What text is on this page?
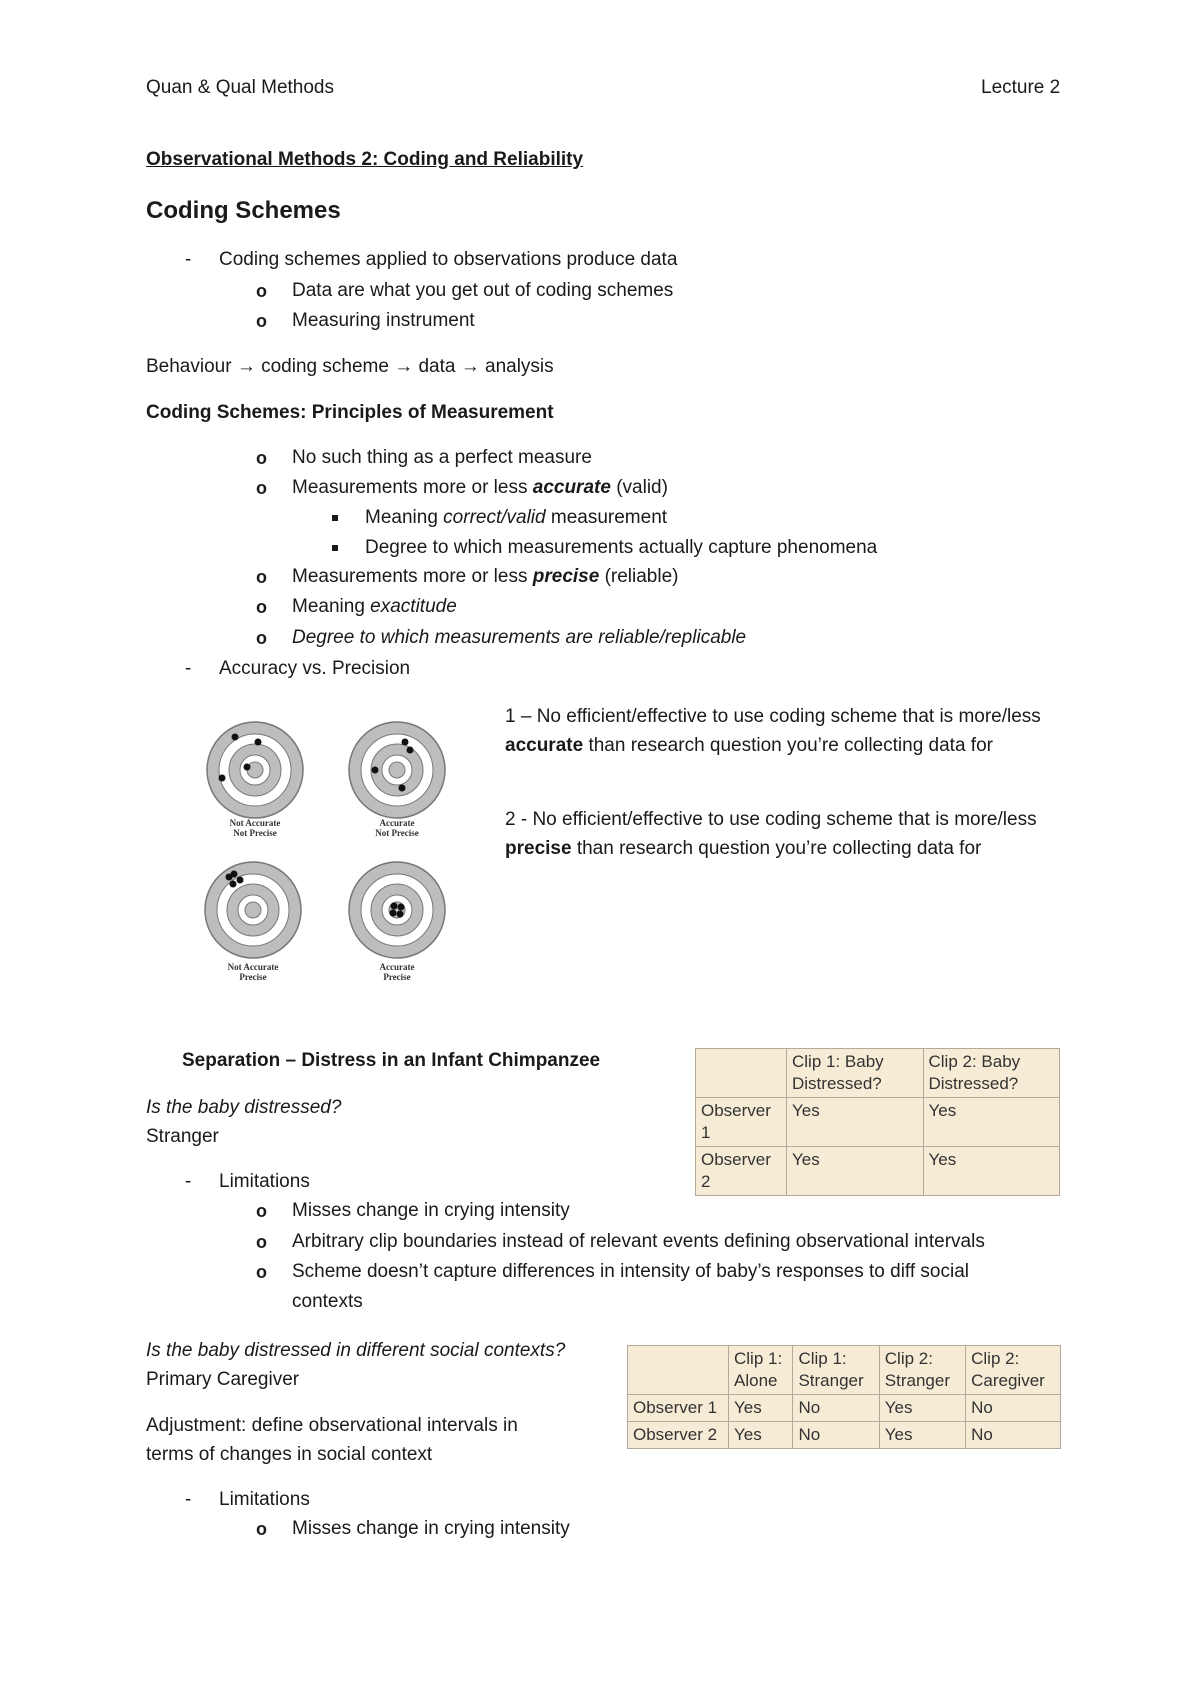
Quan & Qual Methods	Lecture 2
Observational Methods 2: Coding and Reliability
Coding Schemes
- Coding schemes applied to observations produce data
o Data are what you get out of coding schemes
o Measuring instrument
Behaviour → coding scheme → data → analysis
Coding Schemes: Principles of Measurement
o No such thing as a perfect measure
o Measurements more or less accurate (valid)
Meaning correct/valid measurement
Degree to which measurements actually capture phenomena
o Measurements more or less precise (reliable)
o Meaning exactitude
o Degree to which measurements are reliable/replicable
- Accuracy vs. Precision
Not Accurate
Not Precise
Accurate
Not Precise
Not Accurate
Precise
Accurate
Precise
1 – No efficient/effective to use coding scheme that is more/less accurate than research question you’re collecting data for
2 - No efficient/effective to use coding scheme that is more/less precise than research question you’re collecting data for
Separation – Distress in an Infant Chimpanzee
Is the baby distressed?
Stranger
	Clip 1: Baby Distressed?	Clip 2: Baby Distressed?
Observer 1	Yes	Yes
Observer 2	Yes	Yes
- Limitations
o Misses change in crying intensity
o Arbitrary clip boundaries instead of relevant events defining observational intervals
o Scheme doesn’t capture differences in intensity of baby’s responses to diff social
contexts
Is the baby distressed in different social contexts?
Primary Caregiver
	Clip 1: Alone	Clip 1: Stranger	Clip 2: Stranger	Clip 2: Caregiver
Observer 1	Yes	No	Yes	No
Observer 2	Yes	No	Yes	No
Adjustment: define observational intervals in
terms of changes in social context
- Limitations
o Misses change in crying intensity
